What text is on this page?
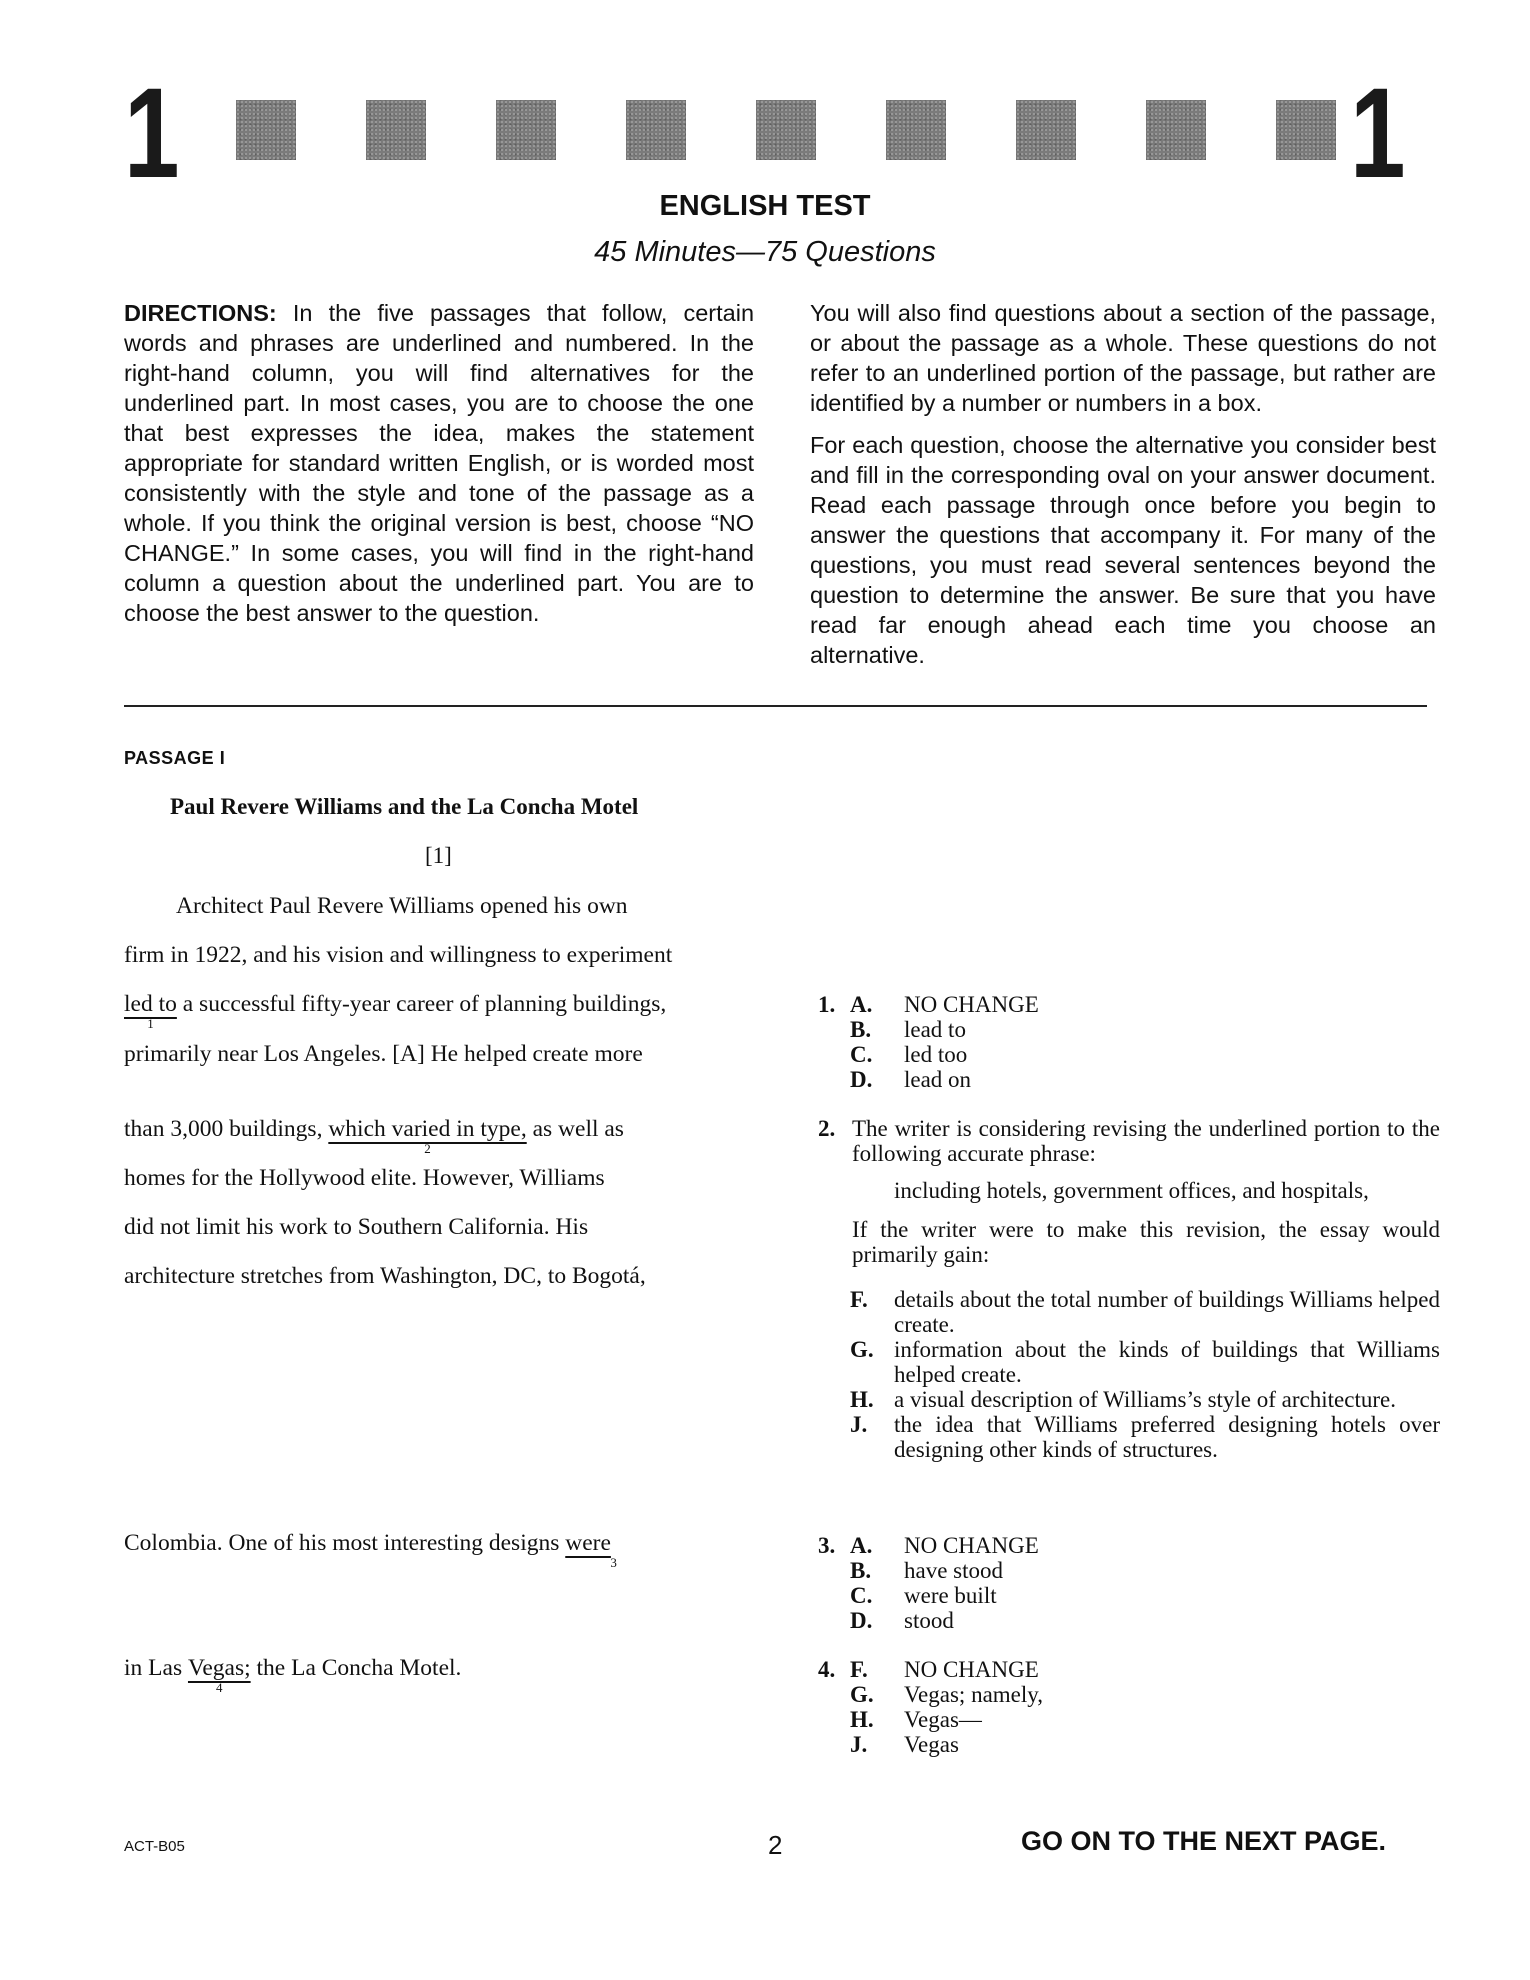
1	1
ENGLISH TEST
45 Minutes—75 Questions

DIRECTIONS: In the five passages that follow, certain words and phrases are underlined and numbered. In the right-hand column, you will find alternatives for the underlined part. In most cases, you are to choose the one that best expresses the idea, makes the statement appropriate for standard written English, or is worded most consistently with the style and tone of the passage as a whole. If you think the original version is best, choose “NO CHANGE.” In some cases, you will find in the right-hand column a question about the underlined part. You are to choose the best answer to the question.

You will also find questions about a section of the passage, or about the passage as a whole. These questions do not refer to an underlined portion of the passage, but rather are identified by a number or numbers in a box.

For each question, choose the alternative you consider best and fill in the corresponding oval on your answer document. Read each passage through once before you begin to answer the questions that accompany it. For many of the questions, you must read several sentences beyond the question to determine the answer. Be sure that you have read far enough ahead each time you choose an alternative.

PASSAGE I
Paul Revere Williams and the La Concha Motel
[1]
Architect Paul Revere Williams opened his own
firm in 1922, and his vision and willingness to experiment
led to
1
a successful fifty-year career of planning buildings,
primarily near Los Angeles. [A] He helped create more
than 3,000 buildings, which varied in type,
2
as well as
homes for the Hollywood elite. However, Williams
did not limit his work to Southern California. His
architecture stretches from Washington, DC, to Bogotá,
Colombia. One of his most interesting designs were
3
in Las Vegas;
4
the La Concha Motel.
1. A. NO CHANGE
B. lead to
C. led too
D. lead on
2. The writer is considering revising the underlined portion to the following accurate phrase:
including hotels, government offices, and hospitals,
If the writer were to make this revision, the essay would primarily gain:
F. details about the total number of buildings Williams helped create.
G. information about the kinds of buildings that Williams helped create.
H. a visual description of Williams’s style of architecture.
J. the idea that Williams preferred designing hotels over designing other kinds of structures.
3. A. NO CHANGE
B. have stood
C. were built
D. stood
4. F. NO CHANGE
G. Vegas; namely,
H. Vegas—
J. Vegas
ACT-B05	2	GO ON TO THE NEXT PAGE.
